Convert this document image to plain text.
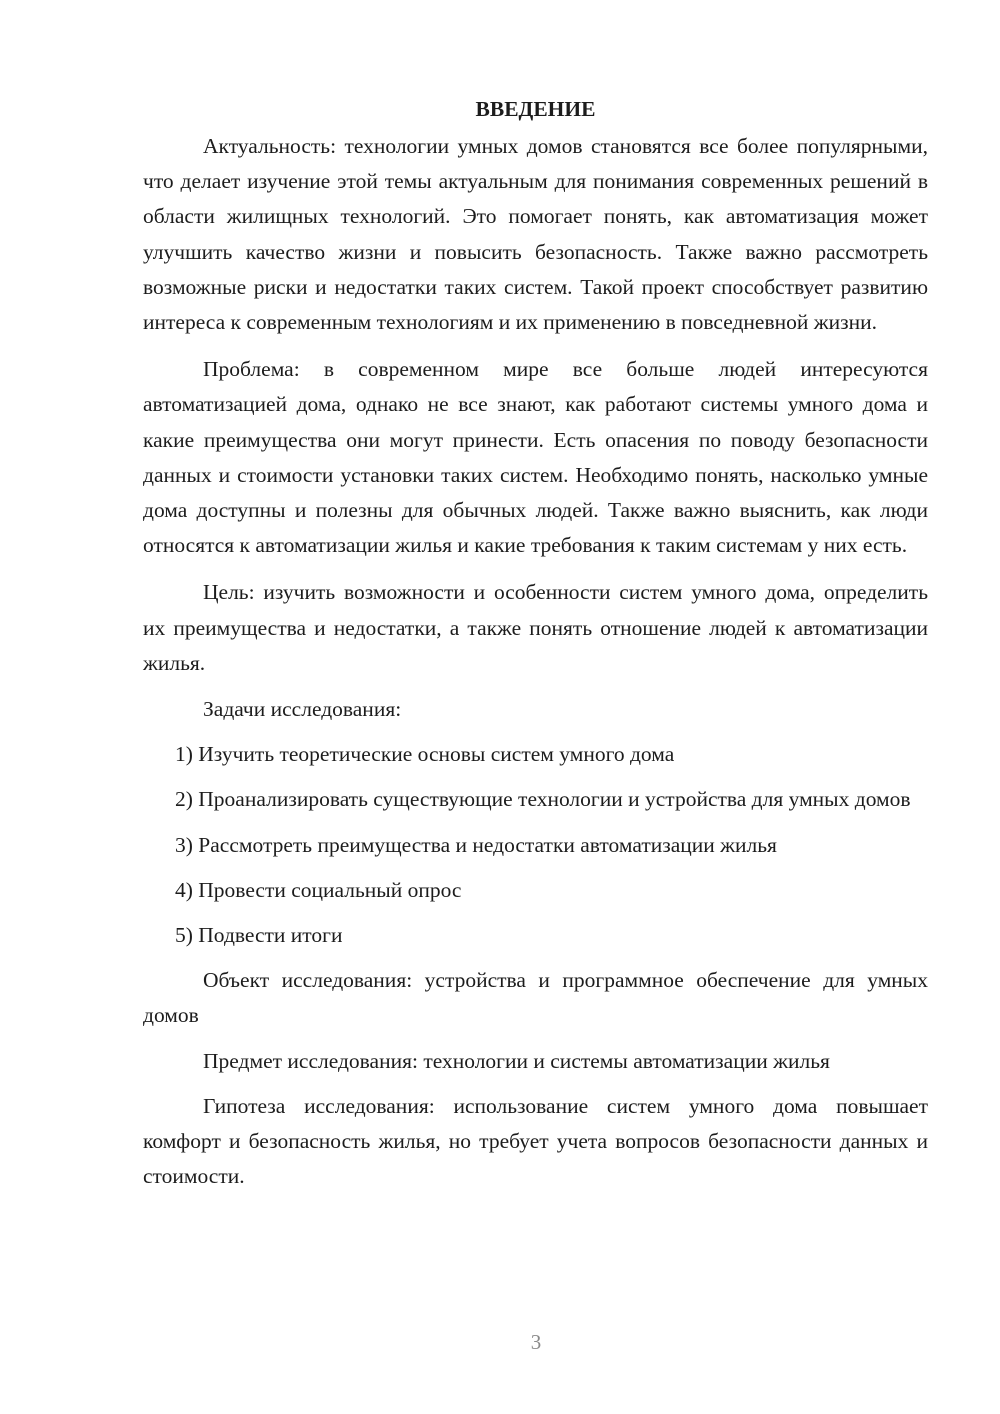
ВВЕДЕНИЕ

Актуальность: технологии умных домов становятся все более популярными, что делает изучение этой темы актуальным для понимания современных решений в области жилищных технологий. Это помогает понять, как автоматизация может улучшить качество жизни и повысить безопасность. Также важно рассмотреть возможные риски и недостатки таких систем. Такой проект способствует развитию интереса к современным технологиям и их применению в повседневной жизни.

Проблема: в современном мире все больше людей интересуются автоматизацией дома, однако не все знают, как работают системы умного дома и какие преимущества они могут принести. Есть опасения по поводу безопасности данных и стоимости установки таких систем. Необходимо понять, насколько умные дома доступны и полезны для обычных людей. Также важно выяснить, как люди относятся к автоматизации жилья и какие требования к таким системам у них есть.

Цель: изучить возможности и особенности систем умного дома, определить их преимущества и недостатки, а также понять отношение людей к автоматизации жилья.

Задачи исследования:

1) Изучить теоретические основы систем умного дома
2) Проанализировать существующие технологии и устройства для умных домов
3) Рассмотреть преимущества и недостатки автоматизации жилья
4) Провести социальный опрос
5) Подвести итоги

Объект исследования: устройства и программное обеспечение для умных домов

Предмет исследования: технологии и системы автоматизации жилья

Гипотеза исследования: использование систем умного дома повышает комфорт и безопасность жилья, но требует учета вопросов безопасности данных и стоимости.

3
